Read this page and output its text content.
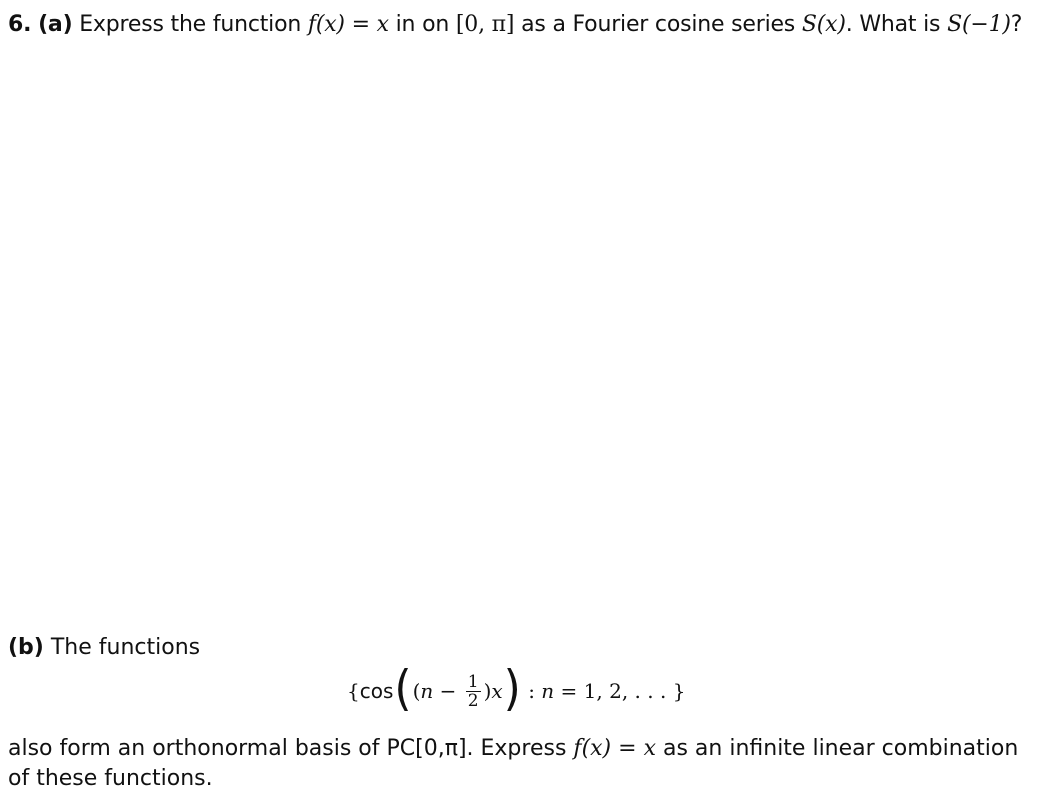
6. (a) Express the function f(x) = x in on [0, π] as a Fourier cosine series S(x). What is S(−1)?
(b) The functions
{ cos ( ( $n - \frac{1}{2}$ ) x ) : n = 1, 2, . . . }
also form an orthonormal basis of PC[0,π]. Express f(x) = x as an infinite linear combination
of these functions.
